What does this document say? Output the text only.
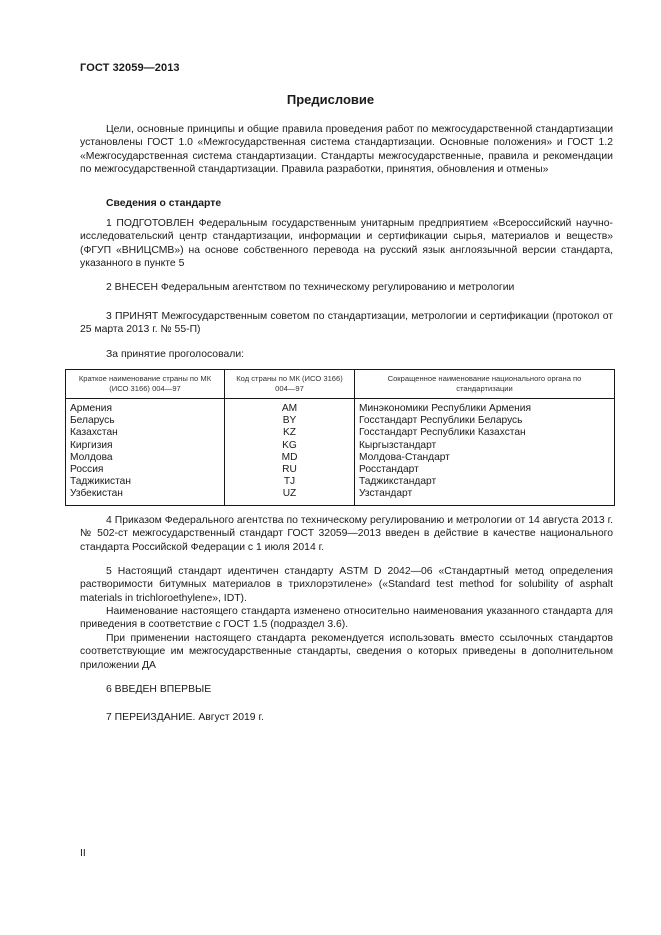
ГОСТ 32059—2013
Предисловие
Цели, основные принципы и общие правила проведения работ по межгосударственной стандартизации установлены ГОСТ 1.0 «Межгосударственная система стандартизации. Основные положения» и ГОСТ 1.2 «Межгосударственная система стандартизации. Стандарты межгосударственные, правила и рекомендации по межгосударственной стандартизации. Правила разработки, принятия, обновления и отмены»
Сведения о стандарте
1 ПОДГОТОВЛЕН Федеральным государственным унитарным предприятием «Всероссийский научно-исследовательский центр стандартизации, информации и сертификации сырья, материалов и веществ» (ФГУП «ВНИЦСМВ») на основе собственного перевода на русский язык англоязычной версии стандарта, указанного в пункте 5
2 ВНЕСЕН Федеральным агентством по техническому регулированию и метрологии
3 ПРИНЯТ Межгосударственным советом по стандартизации, метрологии и сертификации (протокол от 25 марта 2013 г. № 55-П)
За принятие проголосовали:
Краткое наименование страны по МК (ИСО 3166) 004—97	Код страны по МК (ИСО 3166) 004—97	Сокращенное наименование национального органа по стандартизации
Армения	AM	Минэкономики Республики Армения
Беларусь	BY	Госстандарт Республики Беларусь
Казахстан	KZ	Госстандарт Республики Казахстан
Киргизия	KG	Кыргызстандарт
Молдова	MD	Молдова-Стандарт
Россия	RU	Росстандарт
Таджикистан	TJ	Таджикстандарт
Узбекистан	UZ	Узстандарт
4 Приказом Федерального агентства по техническому регулированию и метрологии от 14 августа 2013 г. № 502-ст межгосударственный стандарт ГОСТ 32059—2013 введен в действие в качестве национального стандарта Российской Федерации с 1 июля 2014 г.
5 Настоящий стандарт идентичен стандарту ASTM D 2042—06 «Стандартный метод определения растворимости битумных материалов в трихлорэтилене» («Standard test method for solubility of asphalt materials in trichloroethylene», IDT).
Наименование настоящего стандарта изменено относительно наименования указанного стандарта для приведения в соответствие с ГОСТ 1.5 (подраздел 3.6).
При применении настоящего стандарта рекомендуется использовать вместо ссылочных стандартов соответствующие им межгосударственные стандарты, сведения о которых приведены в дополнительном приложении ДА
6 ВВЕДЕН ВПЕРВЫЕ
7 ПЕРЕИЗДАНИЕ. Август 2019 г.
II
